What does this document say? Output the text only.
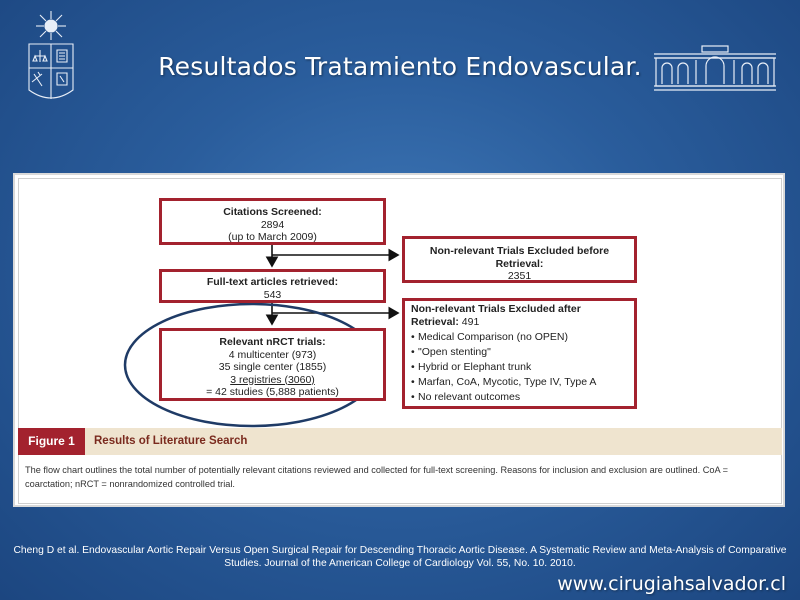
Resultados Tratamiento Endovascular.
Citations Screened:
2894
(up to March 2009)
Non-relevant Trials Excluded before Retrieval:
2351
Full-text articles retrieved:
543
Non-relevant Trials Excluded after Retrieval: 491
• Medical Comparison (no OPEN)
• "Open stenting"
• Hybrid or Elephant trunk
• Marfan, CoA, Mycotic, Type IV, Type A
• No relevant outcomes
Relevant nRCT trials:
4 multicenter (973)
35 single center (1855)
3 registries (3060)
= 42 studies (5,888 patients)
Figure 1	Results of Literature Search
The flow chart outlines the total number of potentially relevant citations reviewed and collected for full-text screening. Reasons for inclusion and exclusion are outlined. CoA = coarctation; nRCT = nonrandomized controlled trial.
Cheng D et al. Endovascular Aortic Repair Versus Open Surgical Repair for Descending Thoracic Aortic Disease. A Systematic Review and Meta-Analysis of Comparative Studies. Journal of the American College of Cardiology Vol. 55, No. 10. 2010.
www.cirugiahsalvador.cl
